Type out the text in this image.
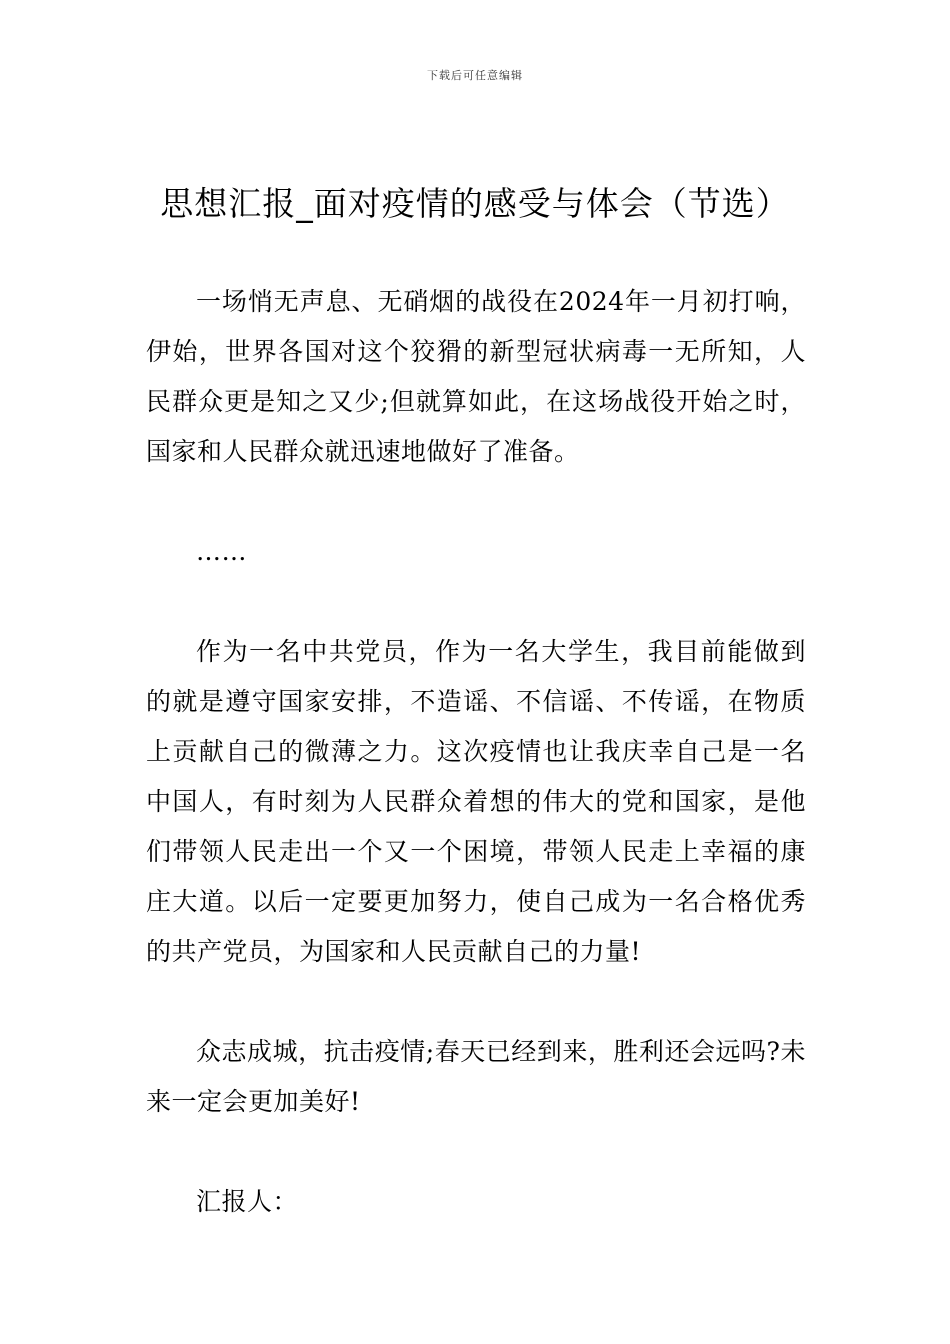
下载后可任意编辑
思想汇报_面对疫情的感受与体会（节选）

一场悄无声息、无硝烟的战役在2024年一月初打响，伊始，世界各国对这个狡猾的新型冠状病毒一无所知，人民群众更是知之又少;但就算如此，在这场战役开始之时，国家和人民群众就迅速地做好了准备。

……

作为一名中共党员，作为一名大学生，我目前能做到的就是遵守国家安排，不造谣、不信谣、不传谣，在物质上贡献自己的微薄之力。这次疫情也让我庆幸自己是一名中国人，有时刻为人民群众着想的伟大的党和国家，是他们带领人民走出一个又一个困境，带领人民走上幸福的康庄大道。以后一定要更加努力，使自己成为一名合格优秀的共产党员，为国家和人民贡献自己的力量!

众志成城，抗击疫情;春天已经到来，胜利还会远吗?未来一定会更加美好!

汇报人：
